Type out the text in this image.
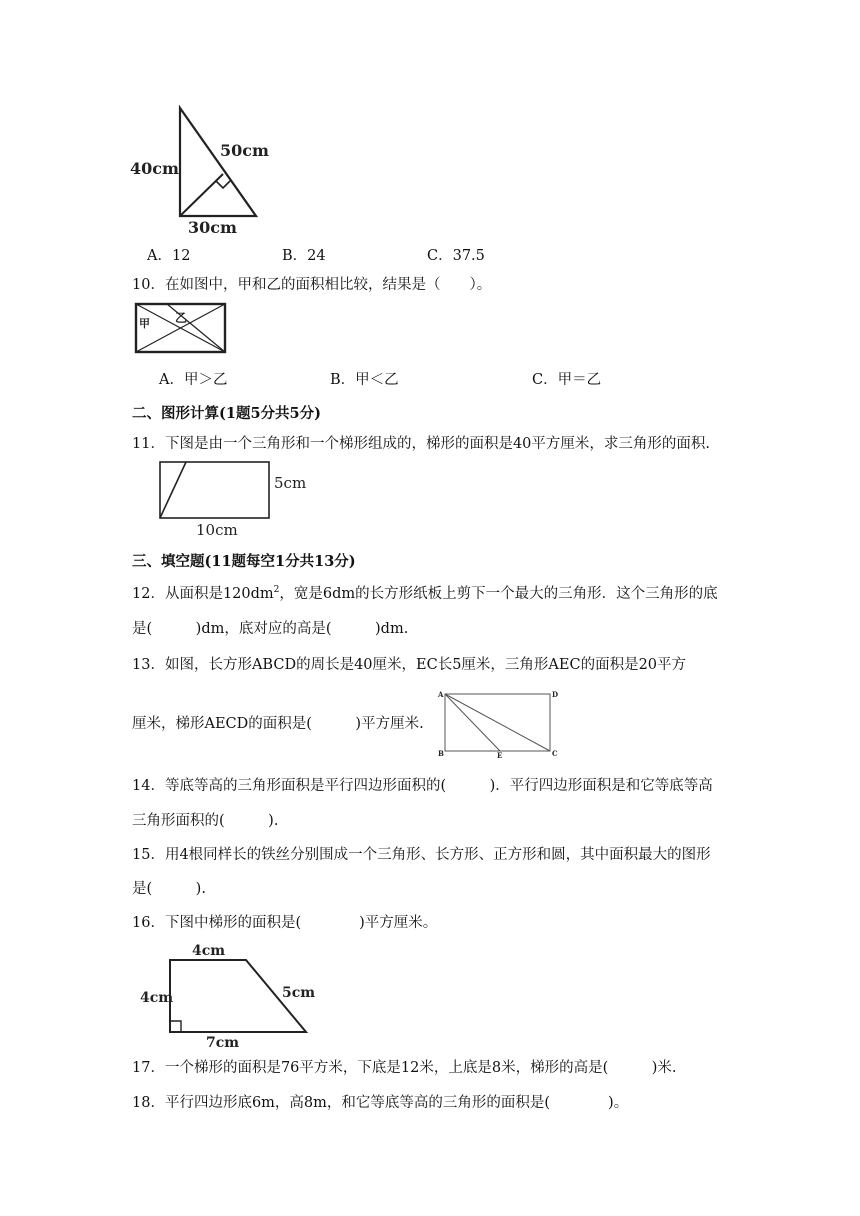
50cm
40cm
30cm
A．12	B．24	C．37.5
10．在如图中，甲和乙的面积相比较，结果是（　　）。
甲 乙
A．甲＞乙	B．甲＜乙	C．甲＝乙
二、图形计算(1题5分共5分)
11．下图是由一个三角形和一个梯形组成的，梯形的面积是40平方厘米，求三角形的面积.
5cm
10cm
三、填空题(11题每空1分共13分)
12．从面积是$120dm^2$，宽是6dm的长方形纸板上剪下一个最大的三角形．这个三角形的底
是(　　　)dm，底对应的高是(　　　)dm.
13．如图，长方形ABCD的周长是40厘米，EC长5厘米，三角形AEC的面积是20平方
厘米，梯形AECD的面积是(　　　)平方厘米.
A	D
B	E	C
14．等底等高的三角形面积是平行四边形面积的(　　　)．平行四边形面积是和它等底等高
三角形面积的(　　　).
15．用4根同样长的铁丝分别围成一个三角形、长方形、正方形和圆，其中面积最大的图形
是(　　　).
16．下图中梯形的面积是(　　　　)平方厘米。
4cm
4cm	5cm
7cm
17．一个梯形的面积是76平方米，下底是12米，上底是8米，梯形的高是(　　　)米.
18．平行四边形底6m，高8m，和它等底等高的三角形的面积是(　　　　)。
